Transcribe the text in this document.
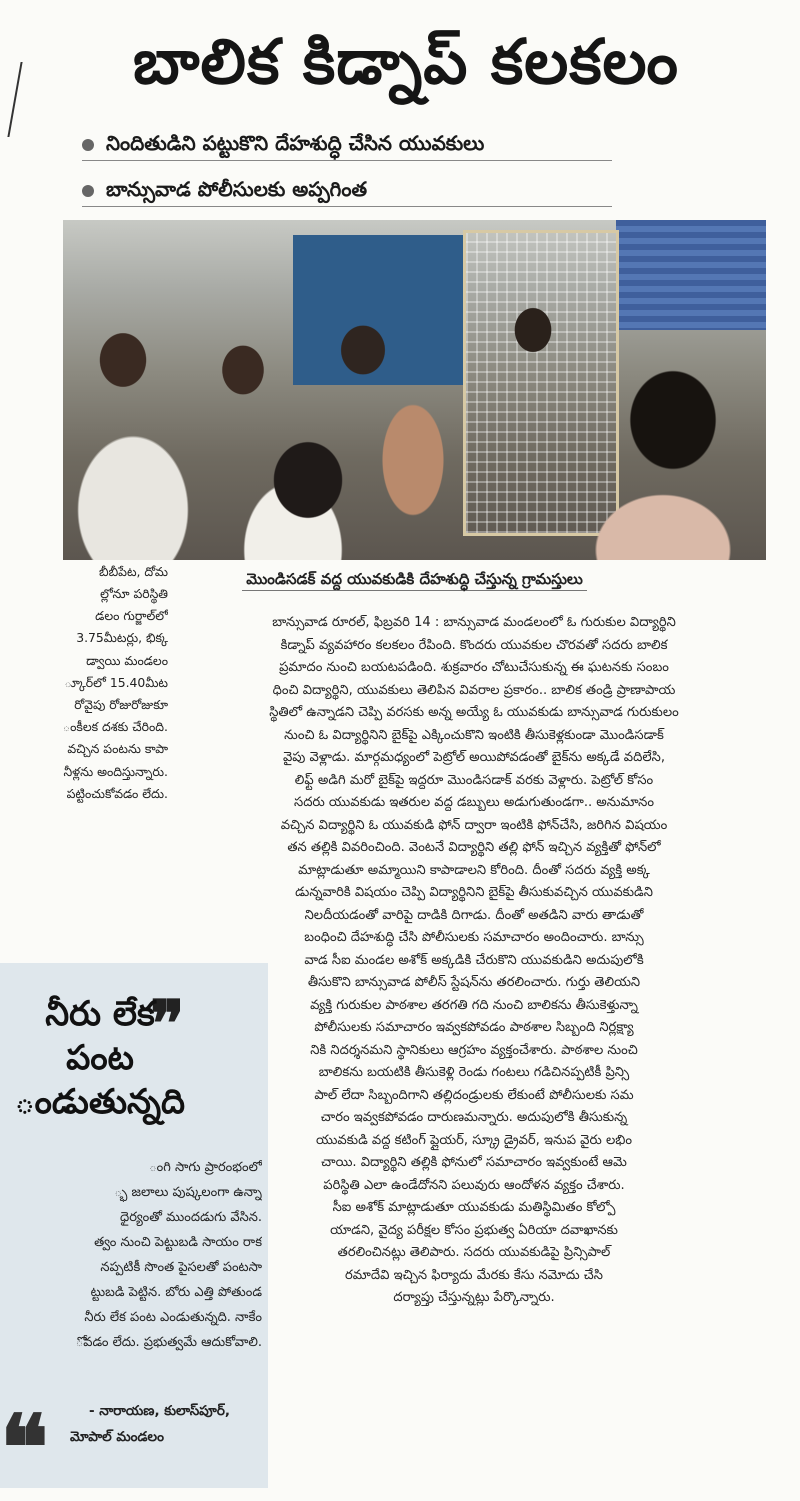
బీబీపేట, దోమ
ల్లోనూ పరిస్థితి
డలం గుర్జాల్‌లో
3.75మీటర్లు, భిక్క
డ్వాయి మండలం
్కూర్‌లో 15.40మీట
రోవైపు రోజురోజుకూ
ంకీలక దశకు చేరింది.
వచ్చిన పంటను కాపా
నీళ్లను అందిస్తున్నారు.
పట్టించుకోవడం లేదు.
❞
నీరు లేక
పంట
ండుతున్నది
ంగి సాగు ప్రారంభంలో
్భ జలాలు పుష్కలంగా ఉన్నా
ధైర్యంతో ముందడుగు వేసిన.
త్వం నుంచి పెట్టుబడి సాయం రాక
నప్పటికీ సొంత పైసలతో పంటసా
ట్టుబడి పెట్టిన. బోరు ఎత్తి పోతుండ
నీరు లేక పంట ఎండుతున్నది. నాకేం
ోవడం లేదు. ప్రభుత్వమే ఆదుకోవాలి.
- నారాయణ, కులాస్‌పూర్,
మోపాల్ మండలం
❝
బాలిక కిడ్నాప్ కలకలం
నిందితుడిని పట్టుకొని దేహశుద్ధి చేసిన యువకులు
బాన్సువాడ పోలీసులకు అప్పగింత
మొండిసడక్ వద్ద యువకుడికి దేహశుద్ధి చేస్తున్న గ్రామస్తులు
బాన్సువాడ రూరల్, ఫిబ్రవరి 14 : బాన్సువాడ మండలంలో ఓ గురుకుల విద్యార్థిని
కిడ్నాప్ వ్యవహారం కలకలం రేపింది. కొందరు యువకుల చొరవతో సదరు బాలిక
ప్రమాదం నుంచి బయటపడింది. శుక్రవారం చోటుచేసుకున్న ఈ ఘటనకు సంబం
ధించి విద్యార్థిని, యువకులు తెలిపిన వివరాల ప్రకారం.. బాలిక తండ్రి ప్రాణాపాయ
స్థితిలో ఉన్నాడని చెప్పి వరసకు అన్న అయ్యే ఓ యువకుడు బాన్సువాడ గురుకులం
నుంచి ఓ విద్యార్థినిని బైక్‌పై ఎక్కించుకొని ఇంటికి తీసుకెళ్లకుండా మొండిసడాక్
వైపు వెళ్లాడు. మార్గమధ్యంలో పెట్రోల్ అయిపోవడంతో బైక్‌ను అక్కడే వదిలేసి,
లిఫ్ట్ అడిగి మరో బైక్‌పై ఇద్దరూ మొండిసడాక్ వరకు వెళ్లారు. పెట్రోల్ కోసం
సదరు యువకుడు ఇతరుల వద్ద డబ్బులు అడుగుతుండగా.. అనుమానం
వచ్చిన విద్యార్థిని ఓ యువకుడి ఫోన్ ద్వారా ఇంటికి ఫోన్‌చేసి, జరిగిన విషయం
తన తల్లికి వివరించింది. వెంటనే విద్యార్థిని తల్లి ఫోన్ ఇచ్చిన వ్యక్తితో ఫోన్‌లో
మాట్లాడుతూ అమ్మాయిని కాపాడాలని కోరింది. దీంతో సదరు వ్యక్తి అక్క
డున్నవారికి విషయం చెప్పి విద్యార్థినిని బైక్‌పై తీసుకువచ్చిన యువకుడిని
నిలదీయడంతో వారిపై దాడికి దిగాడు. దీంతో అతడిని వారు తాడుతో
బంధించి దేహశుద్ధి చేసి పోలీసులకు సమాచారం అందించారు. బాన్సు
వాడ సీఐ మండల అశోక్ అక్కడికి చేరుకొని యువకుడిని అదుపులోకి
తీసుకొని బాన్సువాడ పోలీస్ స్టేషన్‌ను తరలించారు. గుర్తు తెలియని
వ్యక్తి గురుకుల పాఠశాల తరగతి గది నుంచి బాలికను తీసుకెళ్తున్నా
పోలీసులకు సమాచారం ఇవ్వకపోవడం పాఠశాల సిబ్బంది నిర్లక్ష్యా
నికి నిదర్శనమని స్థానికులు ఆగ్రహం వ్యక్తంచేశారు. పాఠశాల నుంచి
బాలికను బయటికి తీసుకెళ్లి రెండు గంటలు గడిచినప్పటికీ ప్రిన్సి
పాల్ లేదా సిబ్బందిగాని తల్లిదండ్రులకు లేకుంటే పోలీసులకు సమ
చారం ఇవ్వకపోవడం దారుణమన్నారు. అదుపులోకి తీసుకున్న
యువకుడి వద్ద కటింగ్ ప్లైయర్, స్క్రూ డ్రైవర్, ఇనుప వైరు లభిం
చాయి. విద్యార్థిని తల్లికి ఫోనులో సమాచారం ఇవ్వకుంటే ఆమె
పరిస్థితి ఎలా ఉండేదోనని పలువురు ఆందోళన వ్యక్తం చేశారు.
సీఐ అశోక్ మాట్లాడుతూ యువకుడు మతిస్థిమితం కోల్పో
యాడని, వైద్య పరీక్షల కోసం ప్రభుత్వ ఏరియా దవాఖానకు
తరలించినట్లు తెలిపారు. సదరు యువకుడిపై ప్రిన్సిపాల్
రమాదేవి ఇచ్చిన ఫిర్యాదు మేరకు కేసు నమోదు చేసి
దర్యాప్తు చేస్తున్నట్లు పేర్కొన్నారు.
